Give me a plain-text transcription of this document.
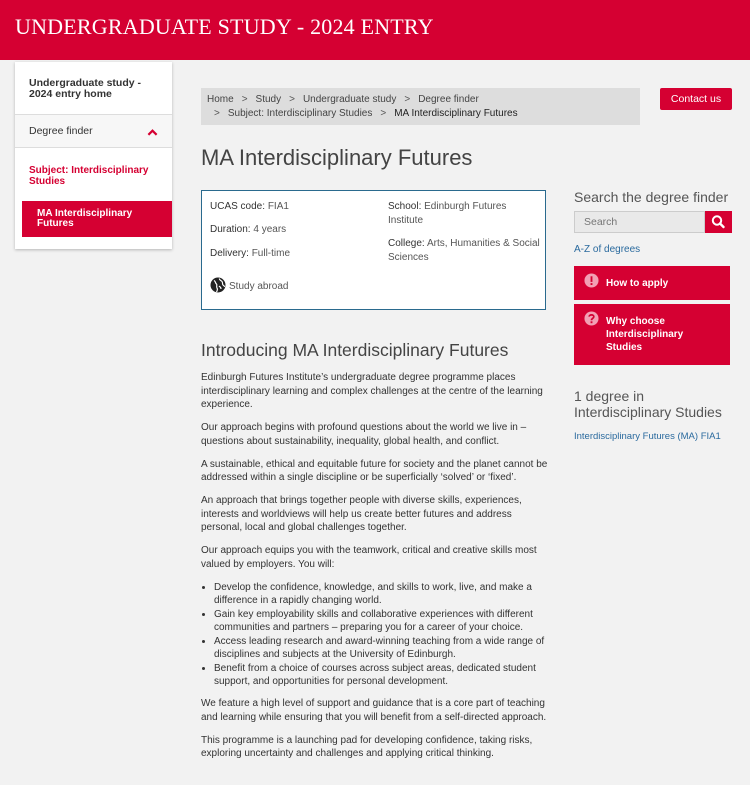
UNDERGRADUATE STUDY - 2024 ENTRY
Undergraduate study - 2024 entry home
Degree finder
Subject: Interdisciplinary Studies
MA Interdisciplinary Futures
Home > Study > Undergraduate study > Degree finder
> Subject: Interdisciplinary Studies > MA Interdisciplinary Futures
Contact us
MA Interdisciplinary Futures
UCAS code: FIA1
Duration: 4 years
Delivery: Full-time
School: Edinburgh Futures Institute
College: Arts, Humanities & Social Sciences
Study abroad
Introducing MA Interdisciplinary Futures

Edinburgh Futures Institute’s undergraduate degree programme places interdisciplinary learning and complex challenges at the centre of the learning experience.

Our approach begins with profound questions about the world we live in – questions about sustainability, inequality, global health, and conflict.

A sustainable, ethical and equitable future for society and the planet cannot be addressed within a single discipline or be superficially ‘solved’ or ‘fixed’.

An approach that brings together people with diverse skills, experiences, interests and worldviews will help us create better futures and address personal, local and global challenges together.

Our approach equips you with the teamwork, critical and creative skills most valued by employers. You will:

• Develop the confidence, knowledge, and skills to work, live, and make a difference in a rapidly changing world.
• Gain key employability skills and collaborative experiences with different communities and partners – preparing you for a career of your choice.
• Access leading research and award-winning teaching from a wide range of disciplines and subjects at the University of Edinburgh.
• Benefit from a choice of courses across subject areas, dedicated student support, and opportunities for personal development.

We feature a high level of support and guidance that is a core part of teaching and learning while ensuring that you will benefit from a self-directed approach.

This programme is a launching pad for developing confidence, taking risks, exploring uncertainty and challenges and applying critical thinking.

Search the degree finder
Search
A-Z of degrees
How to apply
Why choose Interdisciplinary Studies
1 degree in Interdisciplinary Studies
Interdisciplinary Futures (MA) FIA1
